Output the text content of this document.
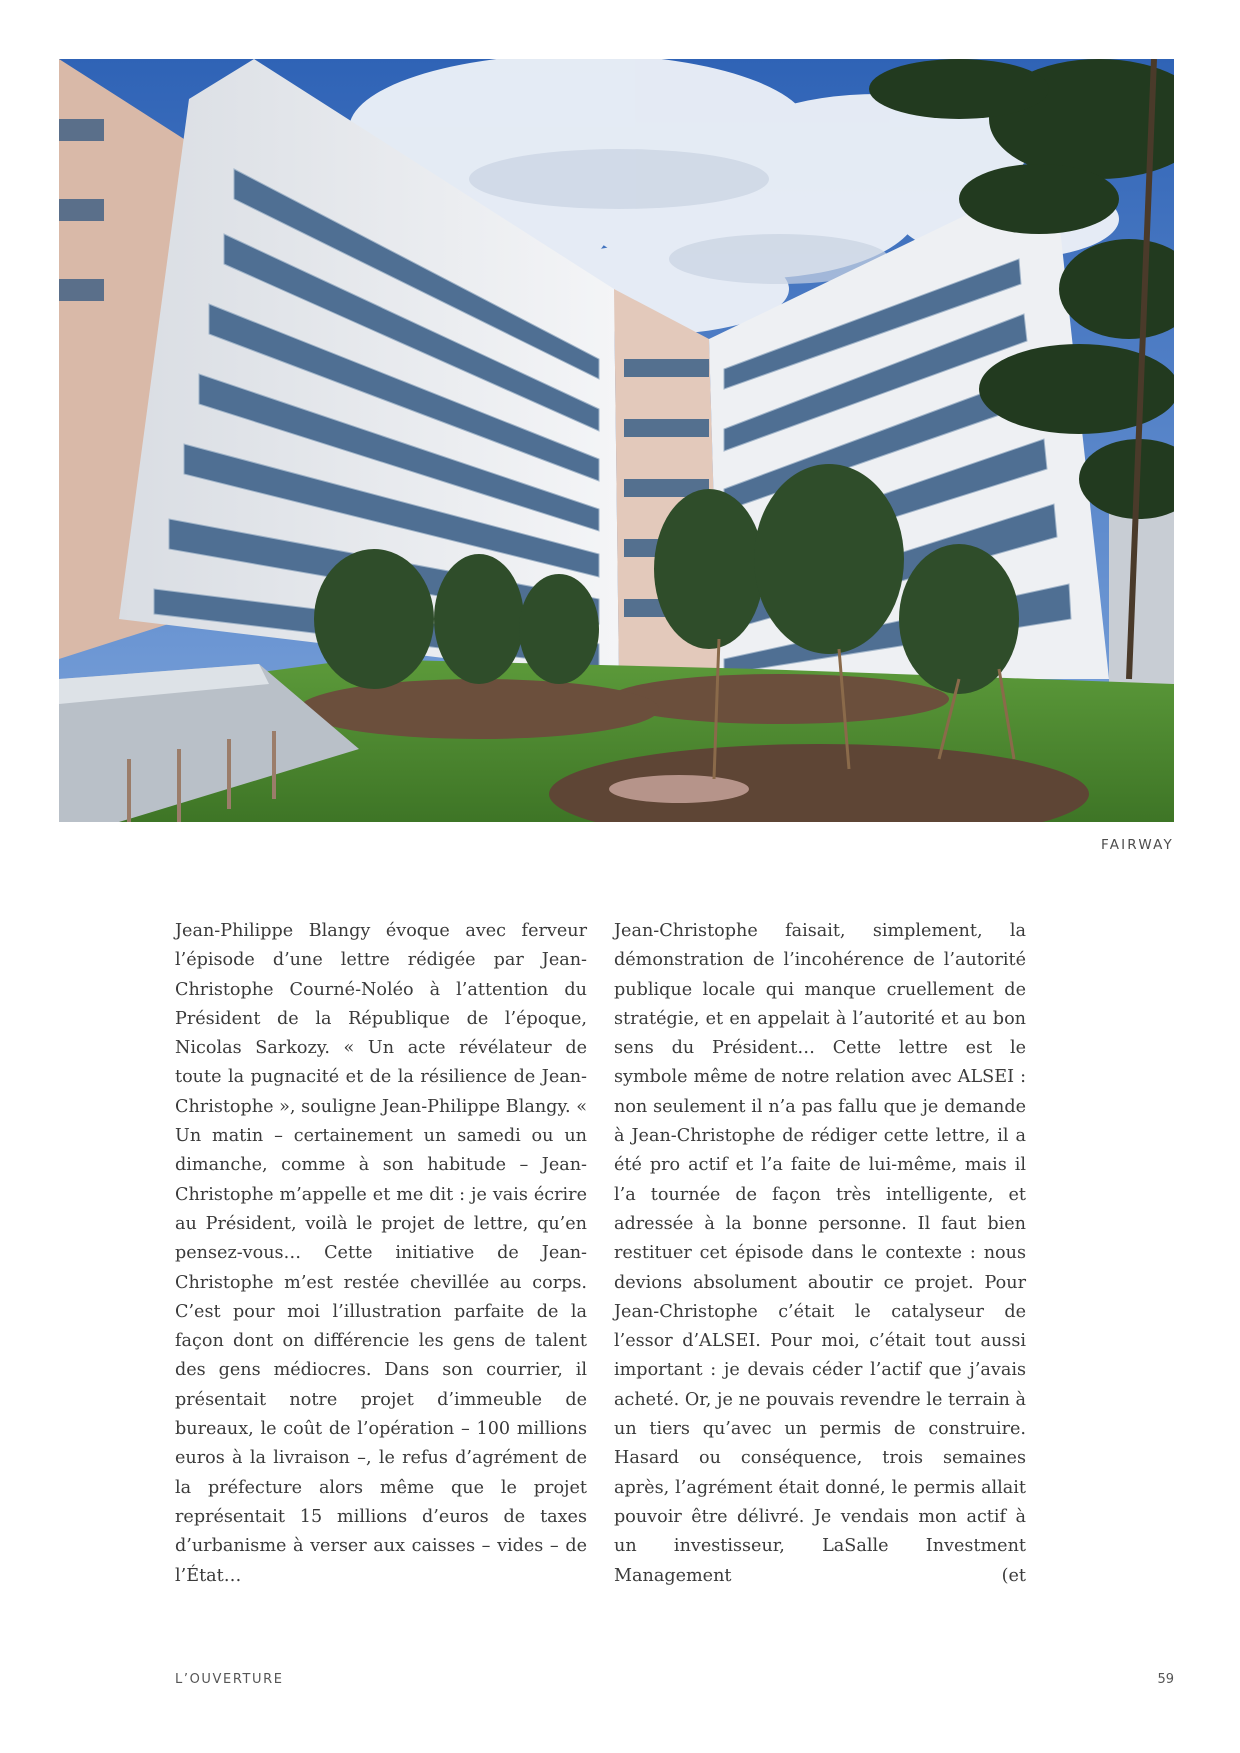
FAIRWAY

Jean-Philippe Blangy évoque avec ferveur l’épisode d’une lettre rédigée par Jean-Christophe Courné-Noléo à l’attention du Président de la République de l’époque, Nicolas Sarkozy. « Un acte révélateur de toute la pugnacité et de la résilience de Jean-Christophe », souligne Jean-Philippe Blangy. « Un matin – certainement un samedi ou un dimanche, comme à son habitude – Jean-Christophe m’appelle et me dit : je vais écrire au Président, voilà le projet de lettre, qu’en pensez-vous… Cette initiative de Jean-Christophe m’est restée chevillée au corps. C’est pour moi l’illustration parfaite de la façon dont on différencie les gens de talent des gens médiocres. Dans son courrier, il présentait notre projet d’immeuble de bureaux, le coût de l’opération – 100 millions euros à la livraison –, le refus d’agrément de la préfecture alors même que le projet représentait 15 millions d’euros de taxes d’urbanisme à verser aux caisses – vides – de l’État…

Jean-Christophe faisait, simplement, la démonstration de l’incohérence de l’autorité publique locale qui manque cruellement de stratégie, et en appelait à l’autorité et au bon sens du Président… Cette lettre est le symbole même de notre relation avec ALSEI : non seulement il n’a pas fallu que je demande à Jean-Christophe de rédiger cette lettre, il a été pro actif et l’a faite de lui-même, mais il l’a tournée de façon très intelligente, et adressée à la bonne personne. Il faut bien restituer cet épisode dans le contexte : nous devions absolument aboutir ce projet. Pour Jean-Christophe c’était le catalyseur de l’essor d’ALSEI. Pour moi, c’était tout aussi important : je devais céder l’actif que j’avais acheté. Or, je ne pouvais revendre le terrain à un tiers qu’avec un permis de construire. Hasard ou conséquence, trois semaines après, l’agrément était donné, le permis allait pouvoir être délivré. Je vendais mon actif à un investisseur, LaSalle Investment Management (et

L’OUVERTURE	59
